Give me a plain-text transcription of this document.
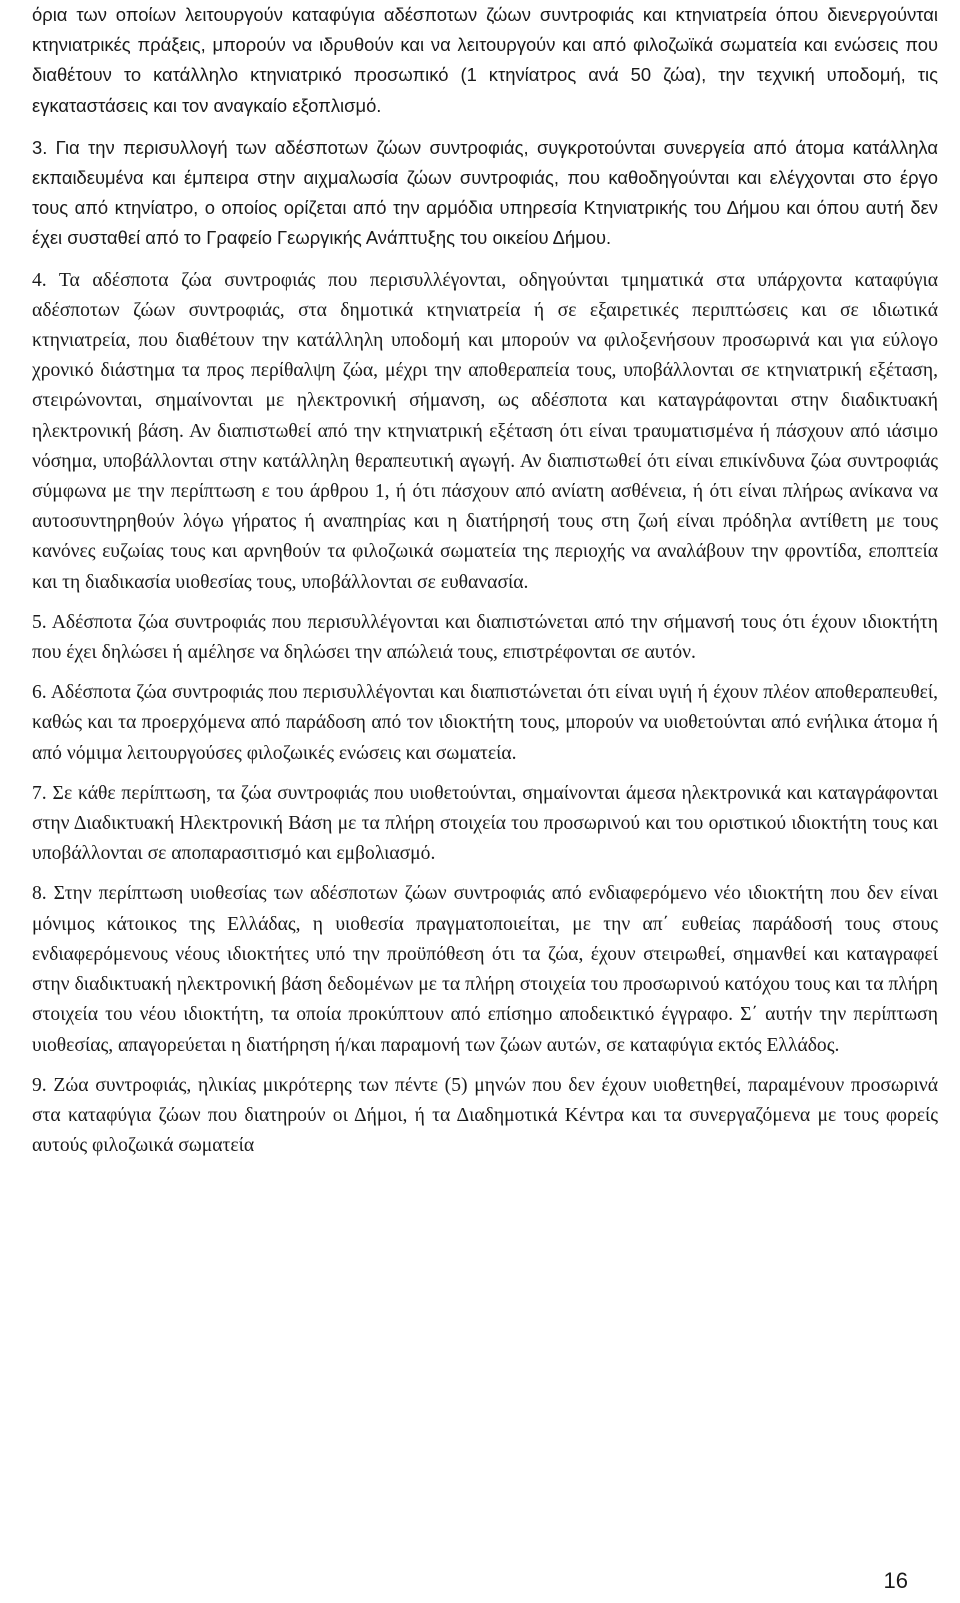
όρια των οποίων λειτουργούν καταφύγια αδέσποτων ζώων συντροφιάς και κτηνιατρεία όπου διενεργούνται κτηνιατρικές πράξεις, μπορούν να ιδρυθούν και να λειτουργούν και από φιλοζωϊκά σωματεία και ενώσεις που διαθέτουν το κατάλληλο κτηνιατρικό προσωπικό (1 κτηνίατρος ανά 50 ζώα), την τεχνική υποδομή, τις εγκαταστάσεις και τον αναγκαίο εξοπλισμό.

3. Για την περισυλλογή των αδέσποτων ζώων συντροφιάς, συγκροτούνται συνεργεία από άτομα κατάλληλα εκπαιδευμένα και έμπειρα στην αιχμαλωσία ζώων συντροφιάς, που καθοδηγούνται και ελέγχονται στο έργο τους από κτηνίατρο, ο οποίος ορίζεται από την αρμόδια υπηρεσία Κτηνιατρικής του Δήμου και όπου αυτή δεν έχει συσταθεί από το Γραφείο Γεωργικής Ανάπτυξης του οικείου Δήμου.

4. Τα αδέσποτα ζώα συντροφιάς που περισυλλέγονται, οδηγούνται τμηματικά στα υπάρχοντα καταφύγια αδέσποτων ζώων συντροφιάς, στα δημοτικά κτηνιατρεία ή σε εξαιρετικές περιπτώσεις και σε ιδιωτικά κτηνιατρεία, που διαθέτουν την κατάλληλη υποδομή και μπορούν να φιλοξενήσουν προσωρινά και για εύλογο χρονικό διάστημα τα προς περίθαλψη ζώα, μέχρι την αποθεραπεία τους, υποβάλλονται σε κτηνιατρική εξέταση, στειρώνονται, σημαίνονται με ηλεκτρονική σήμανση, ως αδέσποτα και καταγράφονται στην διαδικτυακή ηλεκτρονική βάση. Αν διαπιστωθεί από την κτηνιατρική εξέταση ότι είναι τραυματισμένα ή πάσχουν από ιάσιμο νόσημα, υποβάλλονται στην κατάλληλη θεραπευτική αγωγή. Αν διαπιστωθεί ότι είναι επικίνδυνα ζώα συντροφιάς σύμφωνα με την περίπτωση ε του άρθρου 1, ή ότι πάσχουν από ανίατη ασθένεια, ή ότι είναι πλήρως ανίκανα να αυτοσυντηρηθούν λόγω γήρατος ή αναπηρίας και η διατήρησή τους στη ζωή είναι πρόδηλα αντίθετη με τους κανόνες ευζωίας τους και αρνηθούν τα φιλοζωικά σωματεία της περιοχής να αναλάβουν την φροντίδα, επoπτεία και τη διαδικασία υιοθεσίας τους, υποβάλλονται σε ευθανασία.

5. Αδέσποτα ζώα συντροφιάς που περισυλλέγονται και διαπιστώνεται από την σήμανσή τους ότι έχουν ιδιοκτήτη που έχει δηλώσει ή αμέλησε να δηλώσει την απώλειά τους, επιστρέφονται σε αυτόν.

6. Αδέσποτα ζώα συντροφιάς που περισυλλέγονται και διαπιστώνεται ότι είναι υγιή ή έχουν πλέον αποθεραπευθεί, καθώς και τα προερχόμενα από παράδοση από τον ιδιοκτήτη τους, μπορούν να υιοθετούνται από ενήλικα άτομα ή από νόμιμα λειτουργούσες φιλοζωικές ενώσεις και σωματεία.

7. Σε κάθε περίπτωση, τα ζώα συντροφιάς που υιοθετούνται, σημαίνονται άμεσα ηλεκτρονικά και καταγράφονται στην Διαδικτυακή Ηλεκτρονική Βάση με τα πλήρη στοιχεία του προσωρινού και του οριστικού ιδιοκτήτη τους και υποβάλλονται σε αποπαρασιτισμό και εμβολιασμό.

8. Στην περίπτωση υιοθεσίας των αδέσποτων ζώων συντροφιάς από ενδιαφερόμενο νέο ιδιοκτήτη που δεν είναι μόνιμος κάτοικος της Ελλάδας, η υιοθεσία πραγματοποιείται, με την απ΄ ευθείας παράδοσή τους στους ενδιαφερόμενους νέους ιδιοκτήτες υπό την προϋπόθεση ότι τα ζώα, έχουν στειρωθεί, σημανθεί και καταγραφεί στην διαδικτυακή ηλεκτρονική βάση δεδομένων με τα πλήρη στοιχεία του προσωρινού κατόχου τους και τα πλήρη στοιχεία του νέου ιδιοκτήτη, τα οποία προκύπτουν από επίσημο αποδεικτικό έγγραφο. Σ΄ αυτήν την περίπτωση υιοθεσίας, απαγορεύεται η διατήρηση ή/και παραμονή των ζώων αυτών, σε καταφύγια εκτός Ελλάδος.

9. Ζώα συντροφιάς, ηλικίας μικρότερης των πέντε (5) μηνών που δεν έχουν υιοθετηθεί, παραμένουν προσωρινά στα καταφύγια ζώων που διατηρούν οι Δήμοι, ή τα Διαδημοτικά Κέντρα και τα συνεργαζόμενα με τους φορείς αυτούς φιλοζωικά σωματεία

16
